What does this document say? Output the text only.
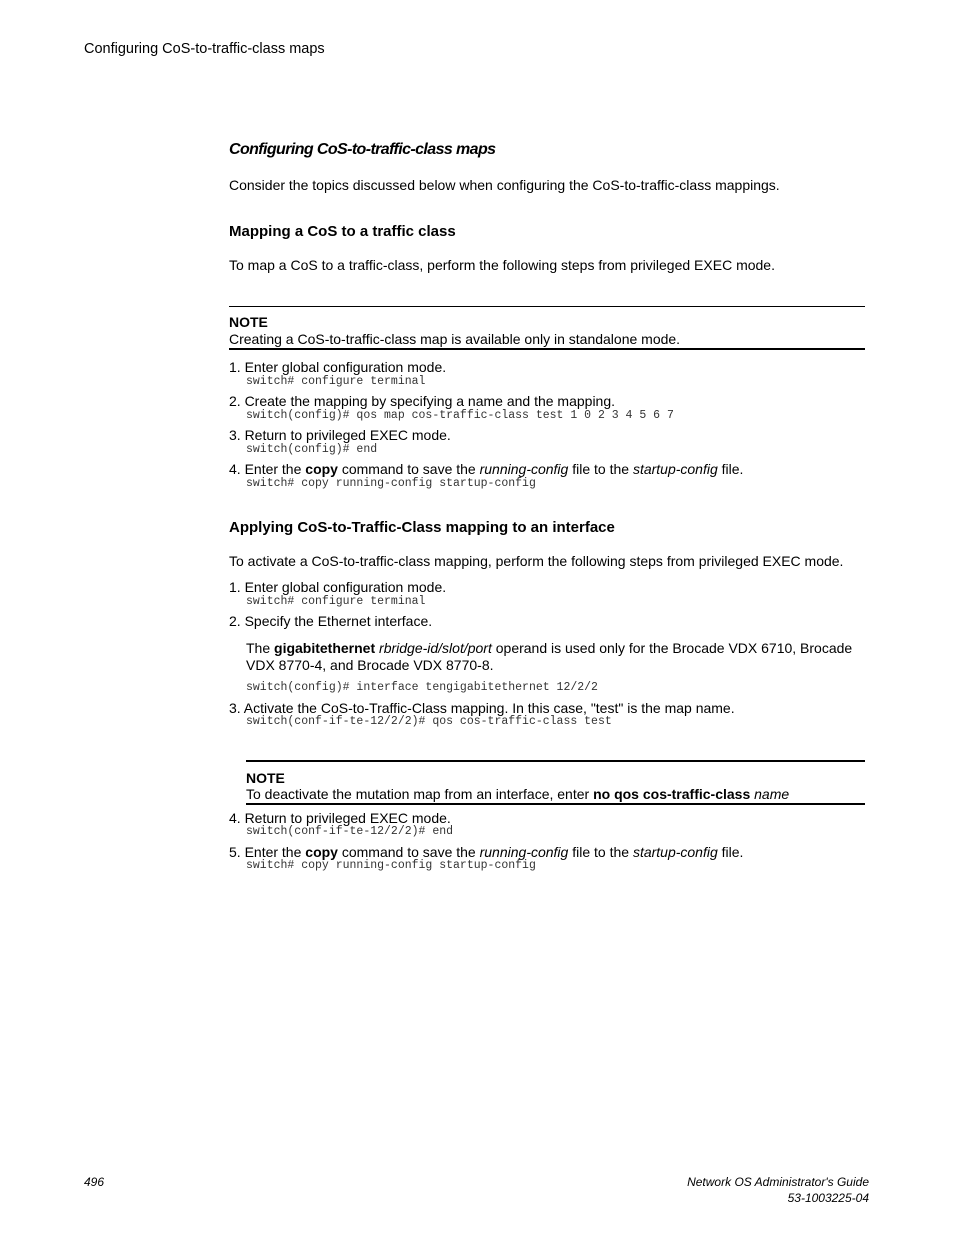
Configuring CoS-to-traffic-class maps
Configuring CoS-to-traffic-class maps
Consider the topics discussed below when configuring the CoS-to-traffic-class mappings.
Mapping a CoS to a traffic class
To map a CoS to a traffic-class, perform the following steps from privileged EXEC mode.
NOTE
Creating a CoS-to-traffic-class map is available only in standalone mode.
1. Enter global configuration mode.
switch# configure terminal
2. Create the mapping by specifying a name and the mapping.
switch(config)# qos map cos-traffic-class test 1 0 2 3 4 5 6 7
3. Return to privileged EXEC mode.
switch(config)# end
4. Enter the copy command to save the running-config file to the startup-config file.
switch# copy running-config startup-config
Applying CoS-to-Traffic-Class mapping to an interface
To activate a CoS-to-traffic-class mapping, perform the following steps from privileged EXEC mode.
1. Enter global configuration mode.
switch# configure terminal
2. Specify the Ethernet interface.
The gigabitethernet rbridge-id/slot/port operand is used only for the Brocade VDX 6710, Brocade
VDX 8770-4, and Brocade VDX 8770-8.
switch(config)# interface tengigabitethernet 12/2/2
3. Activate the CoS-to-Traffic-Class mapping. In this case, "test" is the map name.
switch(conf-if-te-12/2/2)# qos cos-traffic-class test
NOTE
To deactivate the mutation map from an interface, enter no qos cos-traffic-class name
4. Return to privileged EXEC mode.
switch(conf-if-te-12/2/2)# end
5. Enter the copy command to save the running-config file to the startup-config file.
switch# copy running-config startup-config
496	Network OS Administrator's Guide
53-1003225-04
